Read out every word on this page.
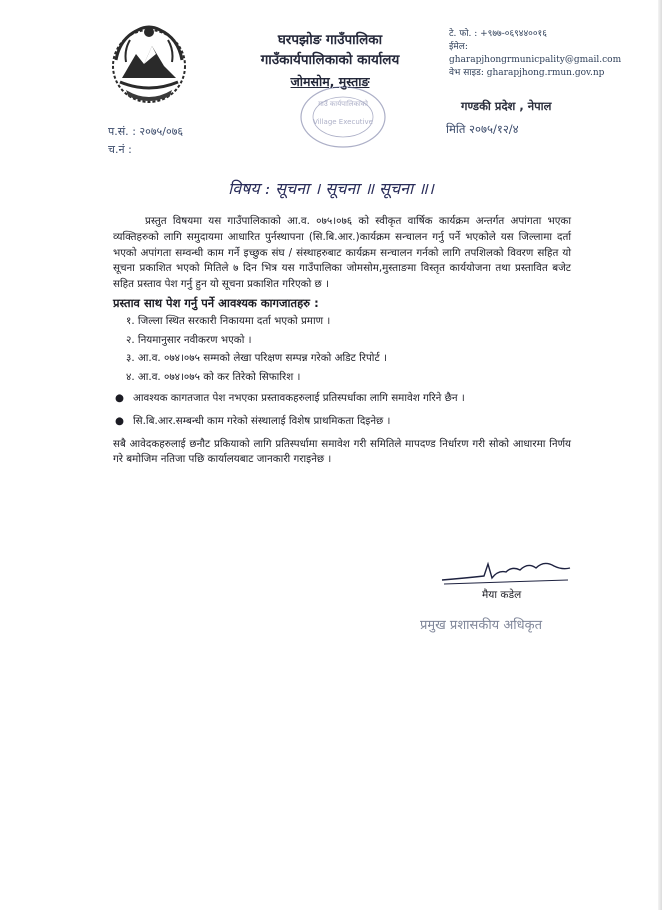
घरपझोङ गाउँपालिका
गाउँकार्यपालिकाको कार्यालय
जोमसोम, मुस्ताङ
टे. फो. : +९७७-०६९४४००१६
ईमेल:
gharapjhongrmunicpality@gmail.com
वेभ साइड: gharapjhong.rmun.gov.np
गण्डकी प्रदेश , नेपाल
प.सं. : २०७५/०७६
च.नं :
मिति २०७५/१२/४
गाउँ कार्यपालिकाको
Village Executive
विषय : सूचना । सूचना ॥ सूचना ॥।

प्रस्तुत विषयमा यस गाउँपालिकाको आ.व. ०७५।०७६ को स्वीकृत वार्षिक कार्यक्रम अन्तर्गत अपांगता भएका व्यक्तिहरुको लागि समुदायमा आधारित पुर्नस्थापना (सि.बि.आर.)कार्यक्रम सन्चालन गर्नु पर्ने भएकोले यस जिल्लामा दर्ता भएको अपांगता सम्वन्धी काम गर्ने इच्छुक संघ / संस्थाहरुबाट कार्यक्रम सन्चालन गर्नको लागि तपशिलको विवरण सहित यो सूचना प्रकाशित भएको मितिले ७ दिन भित्र यस गाउँपालिका जोमसोम,मुस्ताङमा विस्तृत कार्ययोजना तथा प्रस्तावित बजेट सहित प्रस्ताव पेश गर्नु हुन यो सूचना प्रकाशित गरिएको छ ।

प्रस्ताव साथ पेश गर्नु पर्ने आवश्यक कागजातहरु :

१. जिल्ला स्थित सरकारी निकायमा दर्ता भएको प्रमाण ।
२. नियमानुसार नवीकरण भएको ।
३. आ.व. ०७४।०७५ सम्मको लेखा परिक्षण सम्पन्न गरेको अडिट रिपोर्ट ।
४. आ.व. ०७४।०७५ को कर तिरेको सिफारिश ।
● आवश्यक कागतजात पेश नभएका प्रस्तावकहरुलाई प्रतिस्पर्धाका लागि समावेश गरिने छैन ।
● सि.बि.आर.सम्बन्धी काम गरेको संस्थालाई विशेष प्राथमिकता दिइनेछ ।

सबै आवेदकहरुलाई छनौट प्रकियाको लागि प्रतिस्पर्धामा समावेश गरी समितिले मापदण्ड निर्धारण गरी सोको आधारमा निर्णय गरे बमोजिम नतिजा पछि कार्यालयबाट जानकारी गराइनेछ ।

मैया कडेल
प्रमुख प्रशासकीय अधिकृत
